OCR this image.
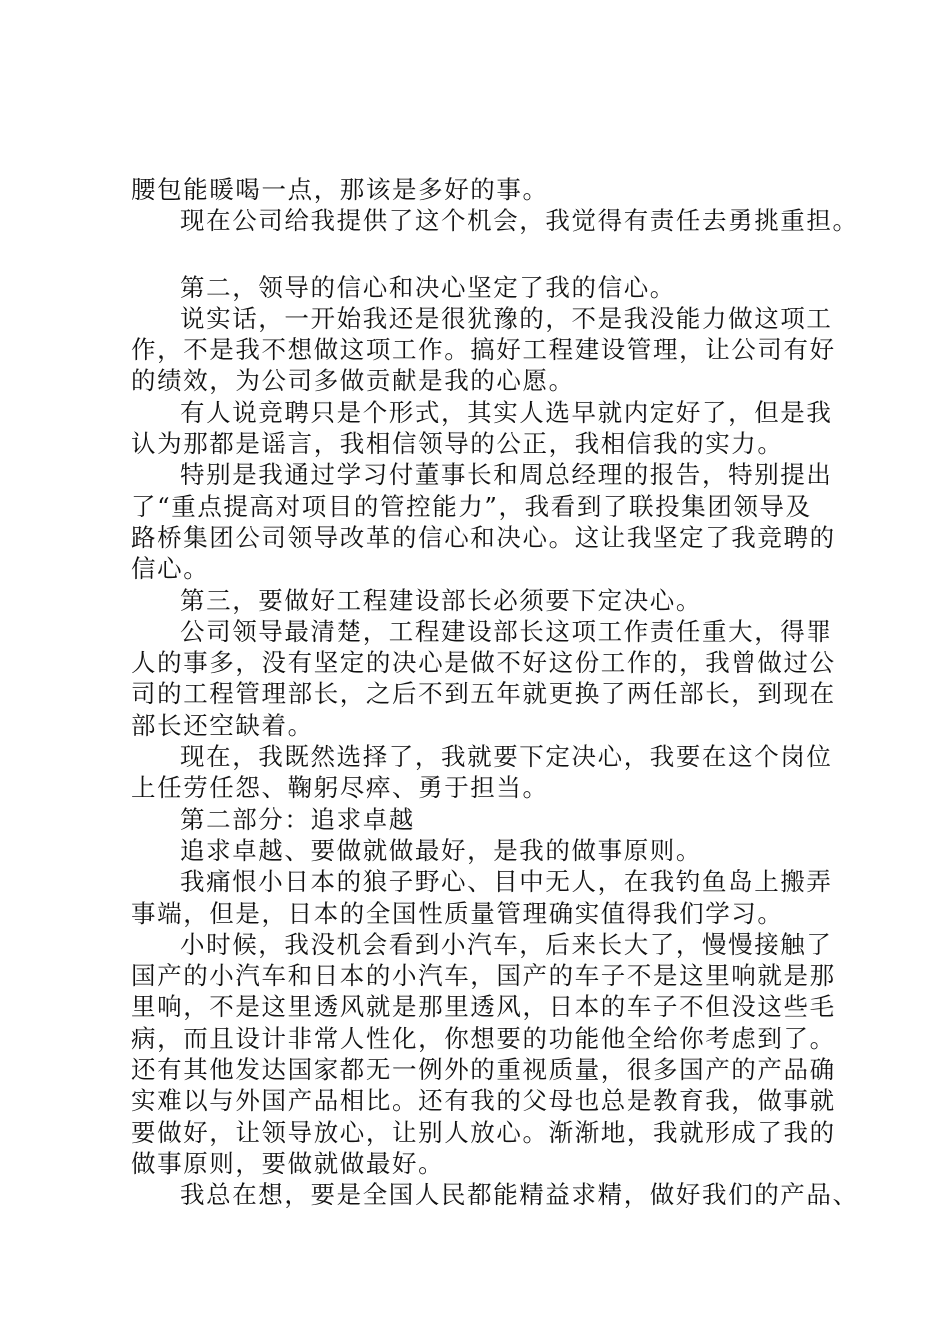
腰包能暖喝一点，那该是多好的事。
现在公司给我提供了这个机会，我觉得有责任去勇挑重担。
第二，领导的信心和决心坚定了我的信心。
说实话，一开始我还是很犹豫的，不是我没能力做这项工
作，不是我不想做这项工作。搞好工程建设管理，让公司有好
的绩效，为公司多做贡献是我的心愿。
有人说竞聘只是个形式，其实人选早就内定好了，但是我
认为那都是谣言，我相信领导的公正，我相信我的实力。
特别是我通过学习付董事长和周总经理的报告，特别提出
了“重点提高对项目的管控能力”，我看到了联投集团领导及
路桥集团公司领导改革的信心和决心。这让我坚定了我竞聘的
信心。
第三，要做好工程建设部长必须要下定决心。
公司领导最清楚，工程建设部长这项工作责任重大，得罪
人的事多，没有坚定的决心是做不好这份工作的，我曾做过公
司的工程管理部长，之后不到五年就更换了两任部长，到现在
部长还空缺着。
现在，我既然选择了，我就要下定决心，我要在这个岗位
上任劳任怨、鞠躬尽瘁、勇于担当。
第二部分：追求卓越
追求卓越、要做就做最好，是我的做事原则。
我痛恨小日本的狼子野心、目中无人，在我钓鱼岛上搬弄
事端，但是，日本的全国性质量管理确实值得我们学习。
小时候，我没机会看到小汽车，后来长大了，慢慢接触了
国产的小汽车和日本的小汽车，国产的车子不是这里响就是那
里响，不是这里透风就是那里透风，日本的车子不但没这些毛
病，而且设计非常人性化，你想要的功能他全给你考虑到了。
还有其他发达国家都无一例外的重视质量，很多国产的产品确
实难以与外国产品相比。还有我的父母也总是教育我，做事就
要做好，让领导放心，让别人放心。渐渐地，我就形成了我的
做事原则，要做就做最好。
我总在想，要是全国人民都能精益求精，做好我们的产品、
